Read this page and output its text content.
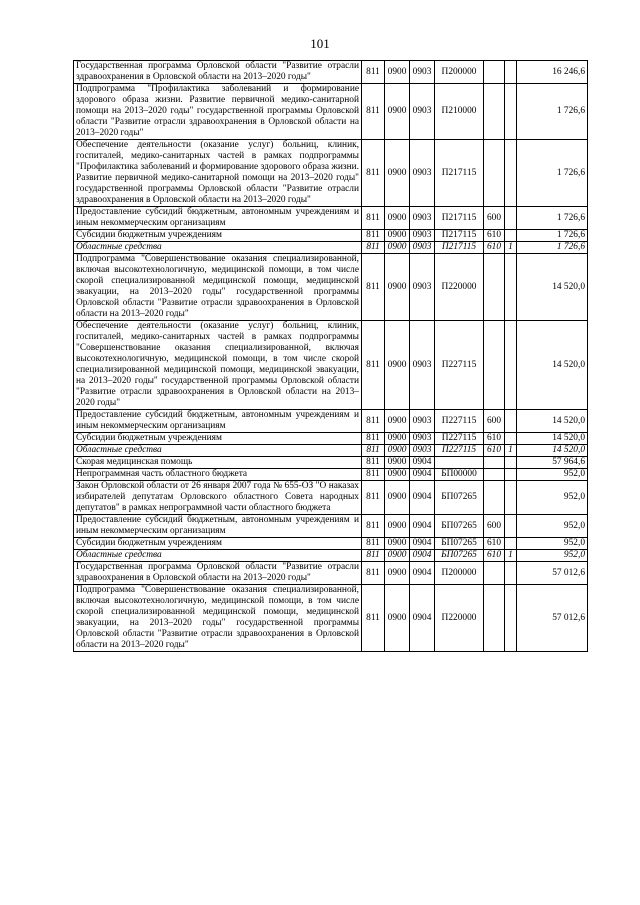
101
Государственная программа Орловской области "Развитие отрасли здравоохранения в Орловской области на 2013–2020 годы"	811	0900	0903	П200000			16 246,6
Подпрограмма "Профилактика заболеваний и формирование здорового образа жизни. Развитие первичной медико-санитарной помощи на 2013–2020 годы" государственной программы Орловской области "Развитие отрасли здравоохранения в Орловской области на 2013–2020 годы"	811	0900	0903	П210000			1 726,6
Обеспечение деятельности (оказание услуг) больниц, клиник, госпиталей, медико-санитарных частей в рамках подпрограммы "Профилактика заболеваний и формирование здорового образа жизни. Развитие первичной медико-санитарной помощи на 2013–2020 годы" государственной программы Орловской области "Развитие отрасли здравоохранения в Орловской области на 2013–2020 годы"	811	0900	0903	П217115			1 726,6
Предоставление субсидий бюджетным, автономным учреждениям и иным некоммерческим организациям	811	0900	0903	П217115	600		1 726,6
Субсидии бюджетным учреждениям	811	0900	0903	П217115	610		1 726,6
Областные средства	811	0900	0903	П217115	610	1	1 726,6
Подпрограмма "Совершенствование оказания специализированной, включая высокотехнологичную, медицинской помощи, в том числе скорой специализированной медицинской помощи, медицинской эвакуации, на 2013–2020 годы" государственной программы Орловской области "Развитие отрасли здравоохранения в Орловской области на 2013–2020 годы"	811	0900	0903	П220000			14 520,0
Обеспечение деятельности (оказание услуг) больниц, клиник, госпиталей, медико-санитарных частей в рамках подпрограммы "Совершенствование оказания специализированной, включая высокотехнологичную, медицинской помощи, в том числе скорой специализированной медицинской помощи, медицинской эвакуации, на 2013–2020 годы" государственной программы Орловской области "Развитие отрасли здравоохранения в Орловской области на 2013–2020 годы"	811	0900	0903	П227115			14 520,0
Предоставление субсидий бюджетным, автономным учреждениям и иным некоммерческим организациям	811	0900	0903	П227115	600		14 520,0
Субсидии бюджетным учреждениям	811	0900	0903	П227115	610		14 520,0
Областные средства	811	0900	0903	П227115	610	1	14 520,0
Скорая медицинская помощь	811	0900	0904				57 964,6
Непрограммная часть областного бюджета	811	0900	0904	БП00000			952,0
Закон Орловской области от 26 января 2007 года № 655-ОЗ "О наказах избирателей депутатам Орловского областного Совета народных депутатов" в рамках непрограммной части областного бюджета	811	0900	0904	БП07265			952,0
Предоставление субсидий бюджетным, автономным учреждениям и иным некоммерческим организациям	811	0900	0904	БП07265	600		952,0
Субсидии бюджетным учреждениям	811	0900	0904	БП07265	610		952,0
Областные средства	811	0900	0904	БП07265	610	1	952,0
Государственная программа Орловской области "Развитие отрасли здравоохранения в Орловской области на 2013–2020 годы"	811	0900	0904	П200000			57 012,6
Подпрограмма "Совершенствование оказания специализированной, включая высокотехнологичную, медицинской помощи, в том числе скорой специализированной медицинской помощи, медицинской эвакуации, на 2013–2020 годы" государственной программы Орловской области "Развитие отрасли здравоохранения в Орловской области на 2013–2020 годы"	811	0900	0904	П220000			57 012,6
